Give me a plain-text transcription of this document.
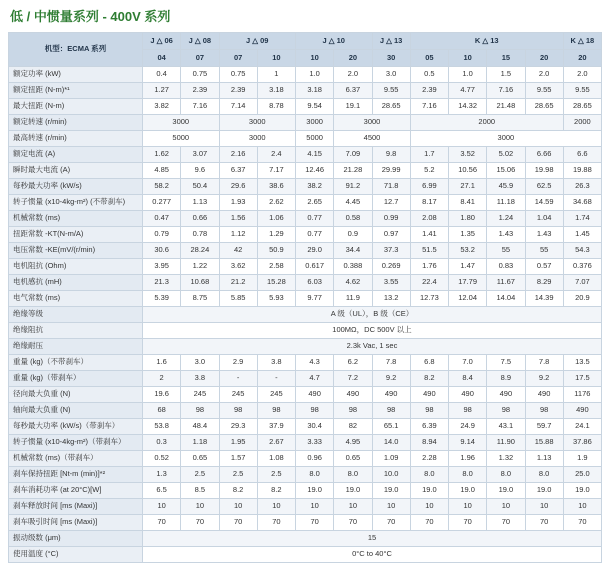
低 / 中惯量系列 - 400V 系列
机型：ECMA 系列	J △ 06	J △ 08	J △ 09		J △ 10		J △ 13	K △ 13				K △ 18
	04	07	07	10	10	20	30	05	10	15	20	20
额定功率 (kW)	0.4	0.75	0.75	1	1.0	2.0	3.0	0.5	1.0	1.5	2.0	2.0
额定扭距 (N-m)*¹	1.27	2.39	2.39	3.18	3.18	6.37	9.55	2.39	4.77	7.16	9.55	9.55
最大扭距 (N-m)	3.82	7.16	7.14	8.78	9.54	19.1	28.65	7.16	14.32	21.48	28.65	28.65
额定转速 (r/min)	3000		3000		3000	3000		2000				2000
最高转速 (r/min)	5000		3000		5000	4500		3000				
额定电流 (A)	1.62	3.07	2.16	2.4	4.15	7.09	9.8	1.7	3.52	5.02	6.66	6.6
瞬时最大电流 (A)	4.85	9.6	6.37	7.17	12.46	21.28	29.99	5.2	10.56	15.06	19.98	19.88
每秒最大功率 (kW/s)	58.2	50.4	29.6	38.6	38.2	91.2	71.8	6.99	27.1	45.9	62.5	26.3
转子惯量 (x10-4kg-m²) (不带刹车)	0.277	1.13	1.93	2.62	2.65	4.45	12.7	8.17	8.41	11.18	14.59	34.68
机械常数 (ms)	0.47	0.66	1.56	1.06	0.77	0.58	0.99	2.08	1.80	1.24	1.04	1.74
扭距常数 -KT(N-m/A)	0.79	0.78	1.12	1.29	0.77	0.9	0.97	1.41	1.35	1.43	1.43	1.45
电压常数 -KE(mV/(r/min)	30.6	28.24	42	50.9	29.0	34.4	37.3	51.5	53.2	55	55	54.3
电机阻抗 (Ohm)	3.95	1.22	3.62	2.58	0.617	0.388	0.269	1.76	1.47	0.83	0.57	0.376
电机感抗 (mH)	21.3	10.68	21.2	15.28	6.03	4.62	3.55	22.4	17.79	11.67	8.29	7.07
电气常数 (ms)	5.39	8.75	5.85	5.93	9.77	11.9	13.2	12.73	12.04	14.04	14.39	20.9
绝缘等级	A 级（UL），B 级（CE）											
绝缘阻抗	100MΩ，DC 500V 以上											
绝缘耐压	2.3k Vac, 1 sec											
重量 (kg)（不带刹车）	1.6	3.0	2.9	3.8	4.3	6.2	7.8	6.8	7.0	7.5	7.8	13.5
重量 (kg)（带刹车）	2	3.8	-	-	4.7	7.2	9.2	8.2	8.4	8.9	9.2	17.5
径向最大负重 (N)	19.6	245	245	245	490	490	490	490	490	490	490	1176
轴向最大负重 (N)	68	98	98	98	98	98	98	98	98	98	98	490
每秒最大功率 (kW/s)（带刹车）	53.8	48.4	29.3	37.9	30.4	82	65.1	6.39	24.9	43.1	59.7	24.1
转子惯量 (x10-4kg-m²)（带刹车）	0.3	1.18	1.95	2.67	3.33	4.95	14.0	8.94	9.14	11.90	15.88	37.86
机械常数 (ms)（带刹车）	0.52	0.65	1.57	1.08	0.96	0.65	1.09	2.28	1.96	1.32	1.13	1.9
刹车保持扭距 [Nt-m (min)]*²	1.3	2.5	2.5	2.5	8.0	8.0	10.0	8.0	8.0	8.0	8.0	25.0
刹车消耗功率 (at 20°C)[W]	6.5	8.5	8.2	8.2	19.0	19.0	19.0	19.0	19.0	19.0	19.0	19.0
刹车释放时间 [ms (Maxi)]	10	10	10	10	10	10	10	10	10	10	10	10
刹车吸引时间 [ms (Maxi)]	70	70	70	70	70	70	70	70	70	70	70	70
振动级数 (μm)	15											
使用温度 (°C)	0°C to 40°C											
